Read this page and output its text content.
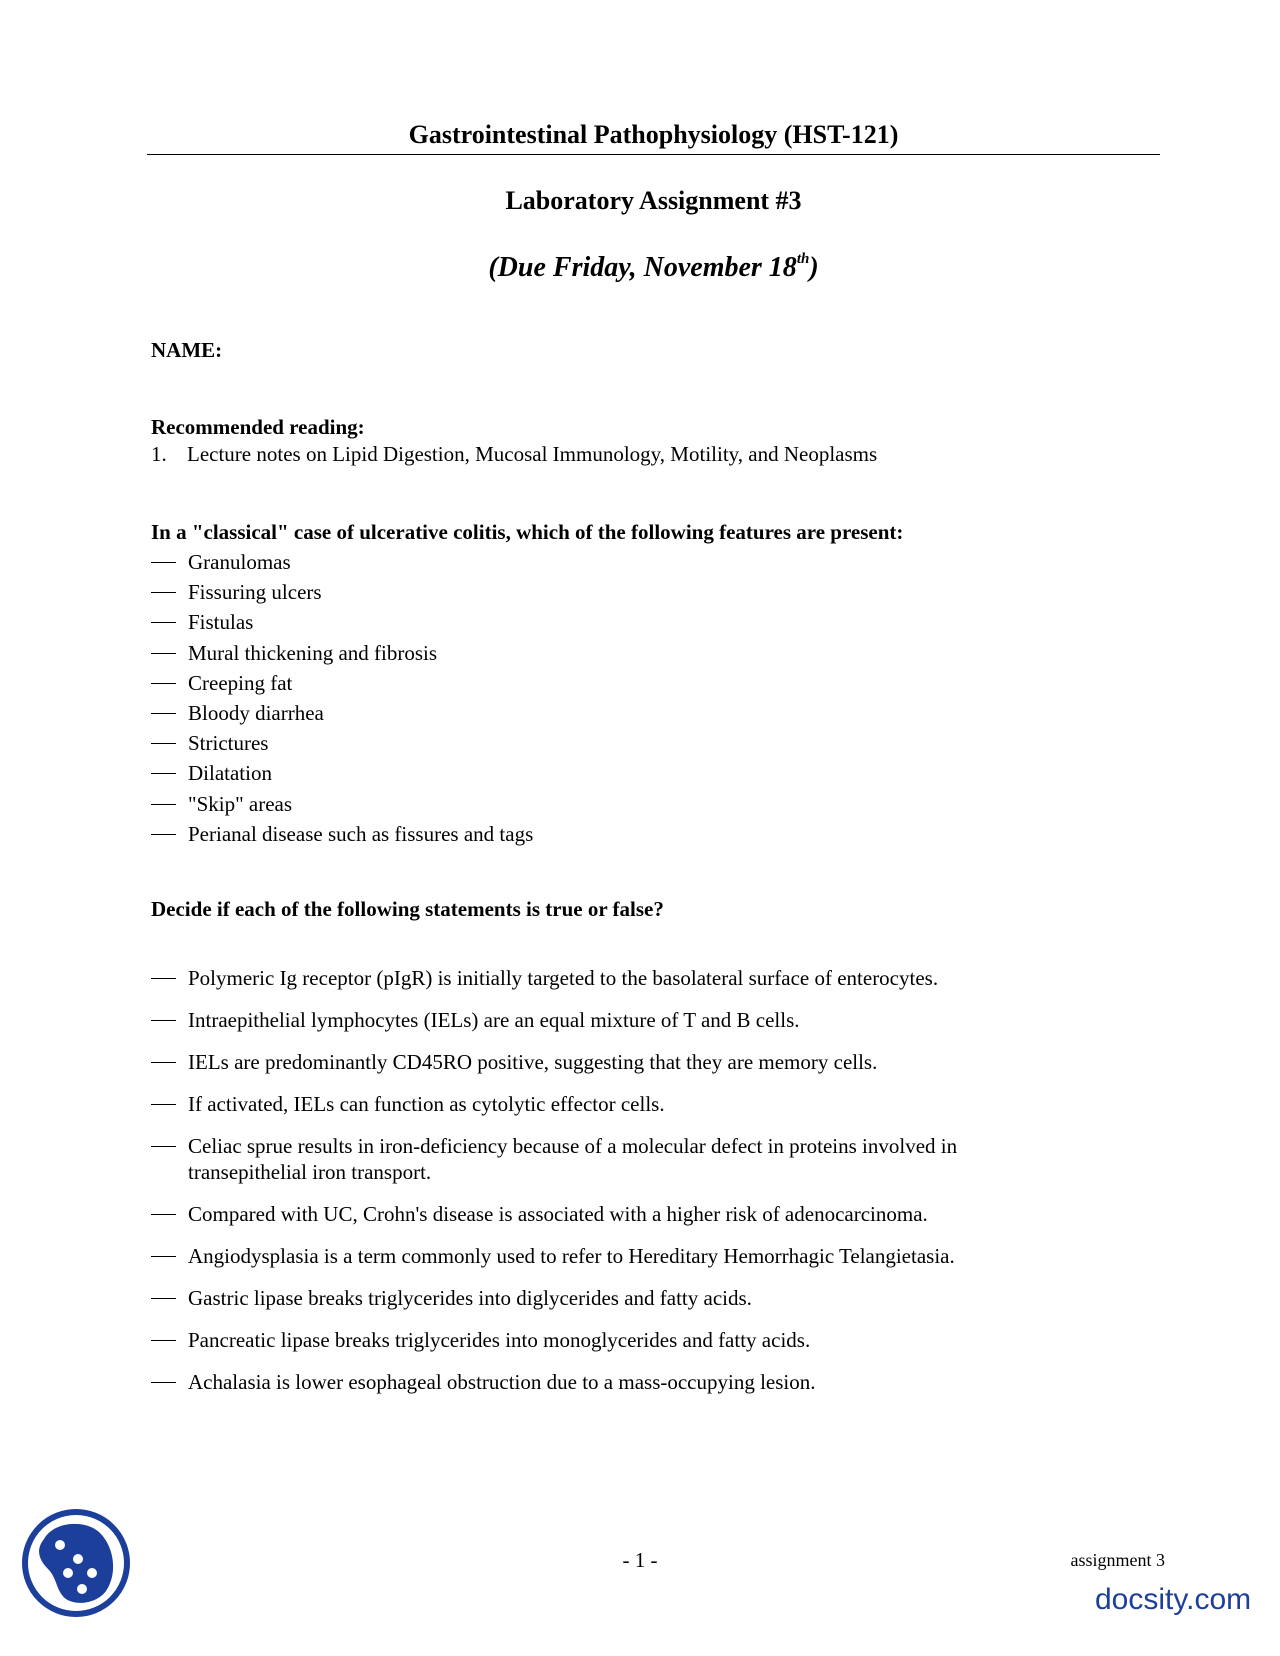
Gastrointestinal Pathophysiology (HST-121)
Laboratory Assignment #3
(Due Friday, November 18th)
NAME:
Recommended reading:
1. Lecture notes on Lipid Digestion, Mucosal Immunology, Motility, and Neoplasms
In a "classical" case of ulcerative colitis, which of the following features are present:
Granulomas
Fissuring ulcers
Fistulas
Mural thickening and fibrosis
Creeping fat
Bloody diarrhea
Strictures
Dilatation
"Skip" areas
Perianal disease such as fissures and tags
Decide if each of the following statements is true or false?
Polymeric Ig receptor (pIgR) is initially targeted to the basolateral surface of enterocytes.
Intraepithelial lymphocytes (IELs) are an equal mixture of T and B cells.
IELs are predominantly CD45RO positive, suggesting that they are memory cells.
If activated, IELs can function as cytolytic effector cells.
Celiac sprue results in iron-deficiency because of a molecular defect in proteins involved in transepithelial iron transport.
Compared with UC, Crohn's disease is associated with a higher risk of adenocarcinoma.
Angiodysplasia is a term commonly used to refer to Hereditary Hemorrhagic Telangietasia.
Gastric lipase breaks triglycerides into diglycerides and fatty acids.
Pancreatic lipase breaks triglycerides into monoglycerides and fatty acids.
Achalasia is lower esophageal obstruction due to a mass-occupying lesion.
- 1 -	assignment 3
docsity.com
